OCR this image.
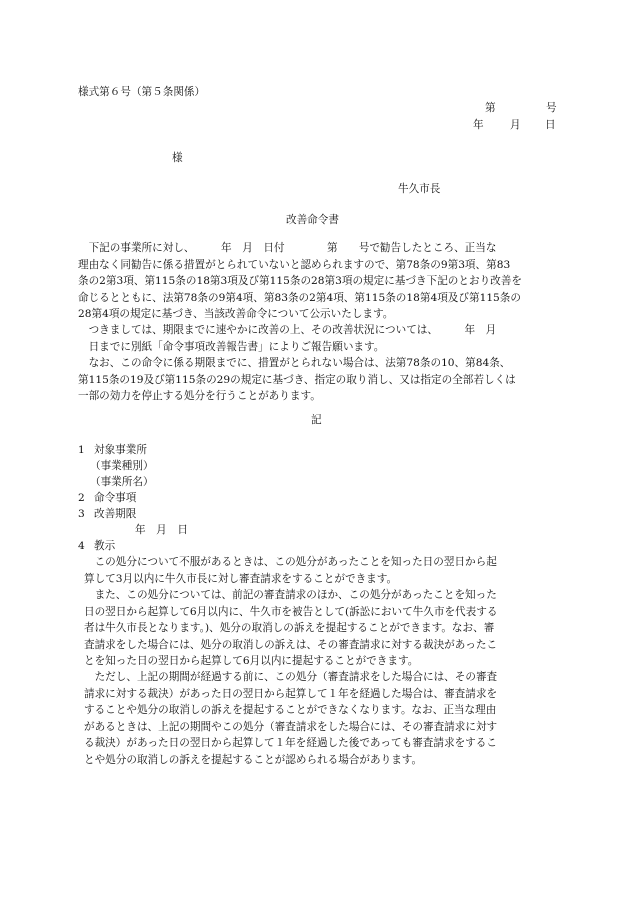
様式第６号（第５条関係）
第	号
年 月 日
様
牛久市長
改善命令書
下記の事業所に対し、　　　年　月　日付　　　　第　　号で勧告したところ、正当な
理由なく同勧告に係る措置がとられていないと認められますので、第78条の9第3項、第83
条の2第3項、第115条の18第3項及び第115条の28第3項の規定に基づき下記のとおり改善を
命じるとともに、法第78条の9第4項、第83条の2第4項、第115条の18第4項及び第115条の
28第4項の規定に基づき、当該改善命令について公示いたします。
つきましては、期限までに速やかに改善の上、その改善状況については、　　　年　月
日までに別紙「命令事項改善報告書」によりご報告願います。
なお、この命令に係る期限までに、措置がとられない場合は、法第78条の10、第84条、
第115条の19及び第115条の29の規定に基づき、指定の取り消し、又は指定の全部若しくは
一部の効力を停止する処分を行うことがあります。
記
1 対象事業所
（事業種別）
（事業所名）
2 命令事項
3 改善期限
年　月　日
4 教示
この処分について不服があるときは、この処分があったことを知った日の翌日から起
算して3月以内に牛久市長に対し審査請求をすることができます。
また、この処分については、前記の審査請求のほか、この処分があったことを知った
日の翌日から起算して6月以内に、牛久市を被告として(訴訟において牛久市を代表する
者は牛久市長となります。)、処分の取消しの訴えを提起することができます。なお、審
査請求をした場合には、処分の取消しの訴えは、その審査請求に対する裁決があったこ
とを知った日の翌日から起算して6月以内に提起することができます。
ただし、上記の期間が経過する前に、この処分（審査請求をした場合には、その審査
請求に対する裁決）があった日の翌日から起算して１年を経過した場合は、審査請求を
することや処分の取消しの訴えを提起することができなくなります。なお、正当な理由
があるときは、上記の期間やこの処分（審査請求をした場合には、その審査請求に対す
る裁決）があった日の翌日から起算して１年を経過した後であっても審査請求をするこ
とや処分の取消しの訴えを提起することが認められる場合があります。
